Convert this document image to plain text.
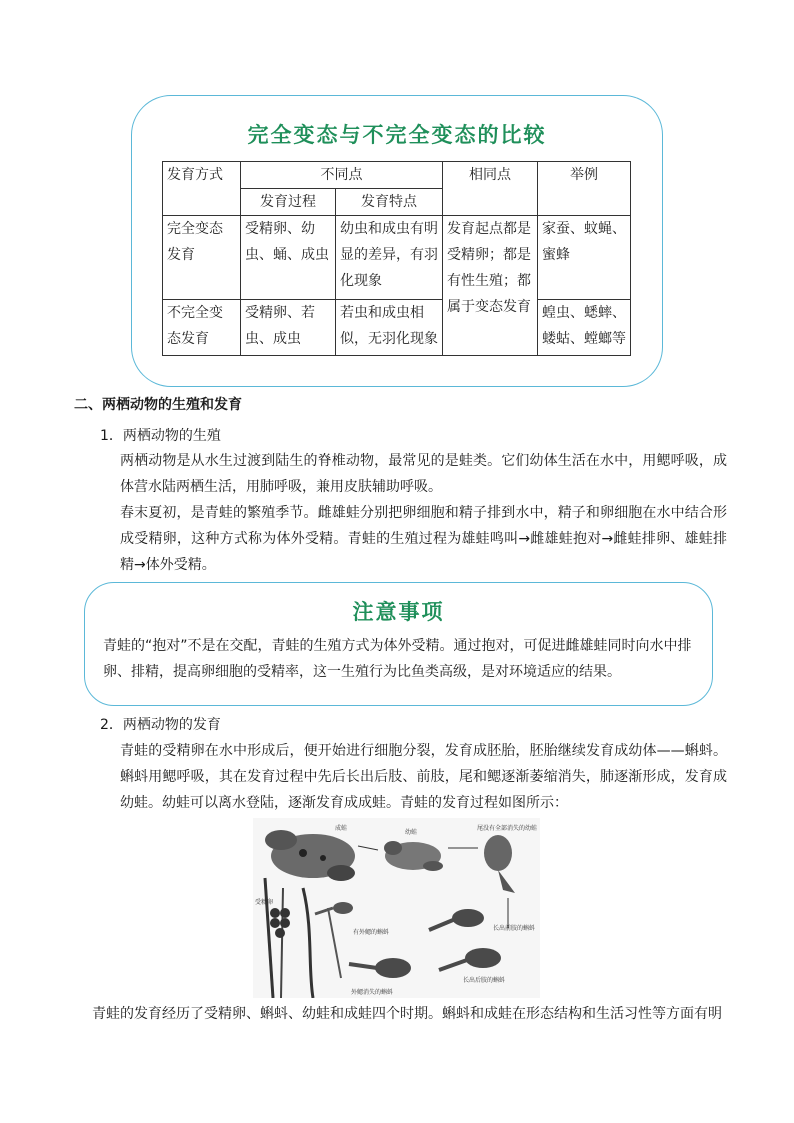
完全变态与不完全变态的比较
发育方式	不同点		相同点	举例
	发育过程	发育特点		
完全变态发育	受精卵、幼虫、蛹、成虫	幼虫和成虫有明显的差异，有羽化现象	发育起点都是受精卵；都是有性生殖；都属于变态发育	家蚕、蚊蝇、蜜蜂
不完全变态发育	受精卵、若虫、成虫	若虫和成虫相似，无羽化现象		蝗虫、蟋蟀、蝼蛄、螳螂等
二、两栖动物的生殖和发育
1．两栖动物的生殖

两栖动物是从水生过渡到陆生的脊椎动物，最常见的是蛙类。它们幼体生活在水中，用鳃呼吸，成体营水陆两栖生活，用肺呼吸，兼用皮肤辅助呼吸。

春末夏初，是青蛙的繁殖季节。雌雄蛙分别把卵细胞和精子排到水中，精子和卵细胞在水中结合形成受精卵，这种方式称为体外受精。青蛙的生殖过程为雄蛙鸣叫→雌雄蛙抱对→雌蛙排卵、雄蛙排精→体外受精。

注意事项

青蛙的“抱对”不是在交配，青蛙的生殖方式为体外受精。通过抱对，可促进雌雄蛙同时向水中排卵、排精，提高卵细胞的受精率，这一生殖行为比鱼类高级，是对环境适应的结果。

2．两栖动物的发育

青蛙的受精卵在水中形成后，便开始进行细胞分裂，发育成胚胎，胚胎继续发育成幼体——蝌蚪。蝌蚪用鳃呼吸，其在发育过程中先后长出后肢、前肢，尾和鳃逐渐萎缩消失，肺逐渐形成，发育成幼蛙。幼蛙可以离水登陆，逐渐发育成成蛙。青蛙的发育过程如图所示：

成蛙
幼蛙
尾没有全部消失的幼蛙
受精卵
有外鳃的蝌蚪
长出前肢的蝌蚪
长出后肢的蝌蚪
外鳃消失的蝌蚪

青蛙的发育经历了受精卵、蝌蚪、幼蛙和成蛙四个时期。蝌蚪和成蛙在形态结构和生活习性等方面有明
